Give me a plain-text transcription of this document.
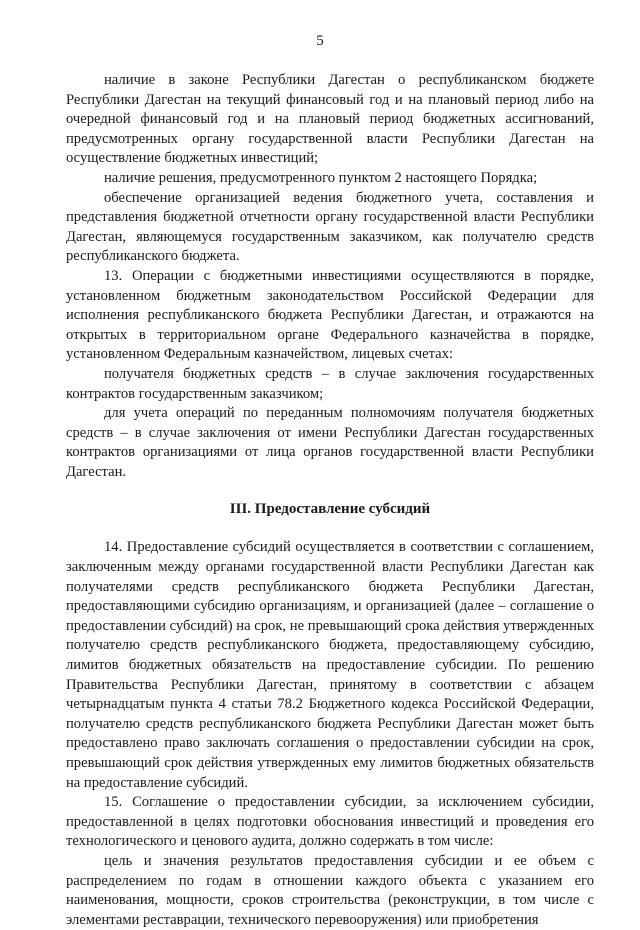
5

наличие в законе Республики Дагестан о республиканском бюджете Республики Дагестан на текущий финансовый год и на плановый период либо на очередной финансовый год и на плановый период бюджетных ассигнований, предусмотренных органу государственной власти Республики Дагестан на осуществление бюджетных инвестиций;

наличие решения, предусмотренного пунктом 2 настоящего Порядка;

обеспечение организацией ведения бюджетного учета, составления и представления бюджетной отчетности органу государственной власти Республики Дагестан, являющемуся государственным заказчиком, как получателю средств республиканского бюджета.

13. Операции с бюджетными инвестициями осуществляются в порядке, установленном бюджетным законодательством Российской Федерации для исполнения республиканского бюджета Республики Дагестан, и отражаются на открытых в территориальном органе Федерального казначейства в порядке, установленном Федеральным казначейством, лицевых счетах:

получателя бюджетных средств – в случае заключения государственных контрактов государственным заказчиком;

для учета операций по переданным полномочиям получателя бюджетных средств – в случае заключения от имени Республики Дагестан государственных контрактов организациями от лица органов государственной власти Республики Дагестан.

III. Предоставление субсидий

14. Предоставление субсидий осуществляется в соответствии с соглашением, заключенным между органами государственной власти Республики Дагестан как получателями средств республиканского бюджета Республики Дагестан, предоставляющими субсидию организациям, и организацией (далее – соглашение о предоставлении субсидий) на срок, не превышающий срока действия утвержденных получателю средств республиканского бюджета, предоставляющему субсидию, лимитов бюджетных обязательств на предоставление субсидии. По решению Правительства Республики Дагестан, принятому в соответствии с абзацем четырнадцатым пункта 4 статьи 78.2 Бюджетного кодекса Российской Федерации, получателю средств республиканского бюджета Республики Дагестан может быть предоставлено право заключать соглашения о предоставлении субсидии на срок, превышающий срок действия утвержденных ему лимитов бюджетных обязательств на предоставление субсидий.

15. Соглашение о предоставлении субсидии, за исключением субсидии, предоставленной в целях подготовки обоснования инвестиций и проведения его технологического и ценового аудита, должно содержать в том числе:

цель и значения результатов предоставления субсидии и ее объем с распределением по годам в отношении каждого объекта с указанием его наименования, мощности, сроков строительства (реконструкции, в том числе с элементами реставрации, технического перевооружения) или приобретения
